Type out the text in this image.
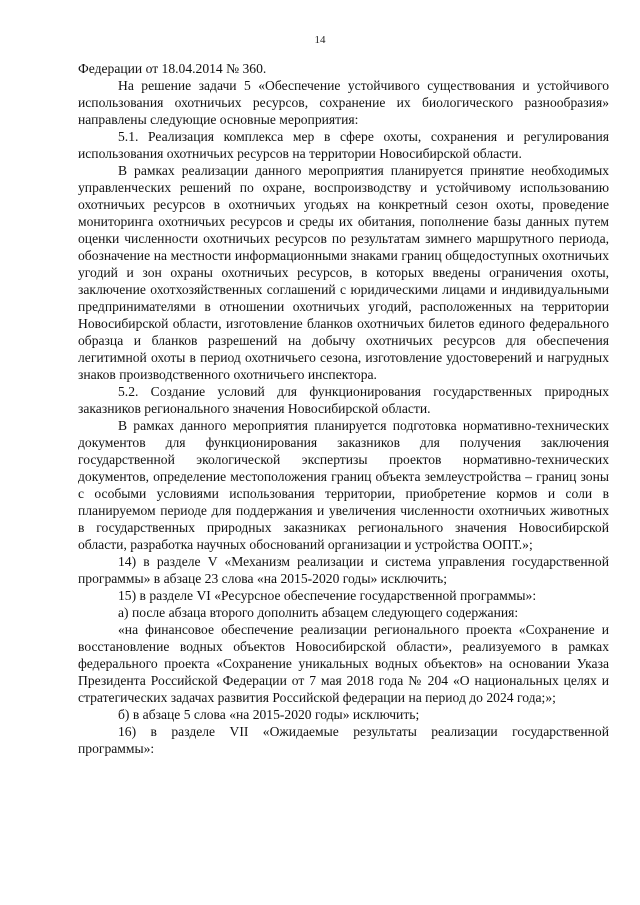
14

Федерации от 18.04.2014 № 360.

На решение задачи 5 «Обеспечение устойчивого существования и устойчивого использования охотничьих ресурсов, сохранение их биологического разнообразия» направлены следующие основные мероприятия:

5.1. Реализация комплекса мер в сфере охоты, сохранения и регулирования использования охотничьих ресурсов на территории Новосибирской области.

В рамках реализации данного мероприятия планируется принятие необходимых управленческих решений по охране, воспроизводству и устойчивому использованию охотничьих ресурсов в охотничьих угодьях на конкретный сезон охоты, проведение мониторинга охотничьих ресурсов и среды их обитания, пополнение базы данных путем оценки численности охотничьих ресурсов по результатам зимнего маршрутного периода, обозначение на местности информационными знаками границ общедоступных охотничьих угодий и зон охраны охотничьих ресурсов, в которых введены ограничения охоты, заключение охотхозяйственных соглашений с юридическими лицами и индивидуальными предпринимателями в отношении охотничьих угодий, расположенных на территории Новосибирской области, изготовление бланков охотничьих билетов единого федерального образца и бланков разрешений на добычу охотничьих ресурсов для обеспечения легитимной охоты в период охотничьего сезона, изготовление удостоверений и нагрудных знаков производственного охотничьего инспектора.

5.2. Создание условий для функционирования государственных природных заказников регионального значения Новосибирской области.

В рамках данного мероприятия планируется подготовка нормативно-технических документов для функционирования заказников для получения заключения государственной экологической экспертизы проектов нормативно-технических документов, определение местоположения границ объекта землеустройства – границ зоны с особыми условиями использования территории, приобретение кормов и соли в планируемом периоде для поддержания и увеличения численности охотничьих животных в государственных природных заказниках регионального значения Новосибирской области, разработка научных обоснований организации и устройства ООПТ.»;

14) в разделе V «Механизм реализации и система управления государственной программы» в абзаце 23 слова «на 2015-2020 годы» исключить;

15) в разделе VI «Ресурсное обеспечение государственной программы»:

а) после абзаца второго дополнить абзацем следующего содержания:

«на финансовое обеспечение реализации регионального проекта «Сохранение и восстановление водных объектов Новосибирской области», реализуемого в рамках федерального проекта «Сохранение уникальных водных объектов» на основании Указа Президента Российской Федерации от 7 мая 2018 года № 204 «О национальных целях и стратегических задачах развития Российской федерации на период до 2024 года;»;

б) в абзаце 5 слова «на 2015-2020 годы» исключить;

16) в разделе VII «Ожидаемые результаты реализации государственной программы»:
